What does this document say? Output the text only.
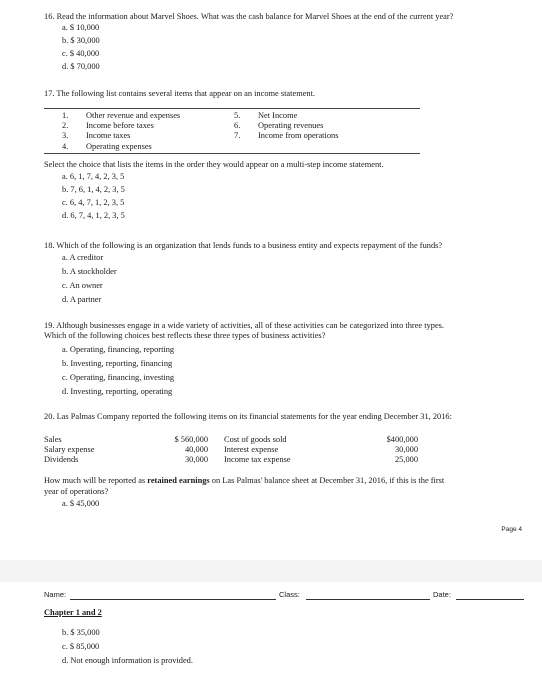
16. Read the information about Marvel Shoes. What was the cash balance for Marvel Shoes at the end of the current year?
a. $ 10,000
b. $ 30,000
c. $ 40,000
d. $ 70,000
17. The following list contains several items that appear on an income statement.
1. Other revenue and expenses
2. Income before taxes
3. Income taxes
4. Operating expenses
5. Net Income
6. Operating revenues
7. Income from operations
Select the choice that lists the items in the order they would appear on a multi-step income statement.
a. 6, 1, 7, 4, 2, 3, 5
b. 7, 6, 1, 4, 2, 3, 5
c. 6, 4, 7, 1, 2, 3, 5
d. 6, 7, 4, 1, 2, 3, 5
18. Which of the following is an organization that lends funds to a business entity and expects repayment of the funds?
a. A creditor
b. A stockholder
c. An owner
d. A partner
19. Although businesses engage in a wide variety of activities, all of these activities can be categorized into three types.
Which of the following choices best reflects these three types of business activities?
a. Operating, financing, reporting
b. Investing, reporting, financing
c. Operating, financing, investing
d. Investing, reporting, operating
20. Las Palmas Company reported the following items on its financial statements for the year ending December 31, 2016:
Sales	$ 560,000 Cost of goods sold	$400,000
Salary expense	40,000 Interest expense	30,000
Dividends	30,000 Income tax expense	25,000
How much will be reported as retained earnings on Las Palmas' balance sheet at December 31, 2016, if this is the first
year of operations?
a. $ 45,000
Page 4
Name:	Class:	Date:
Chapter 1 and 2
b. $ 35,000
c. $ 85,000
d. Not enough information is provided.
